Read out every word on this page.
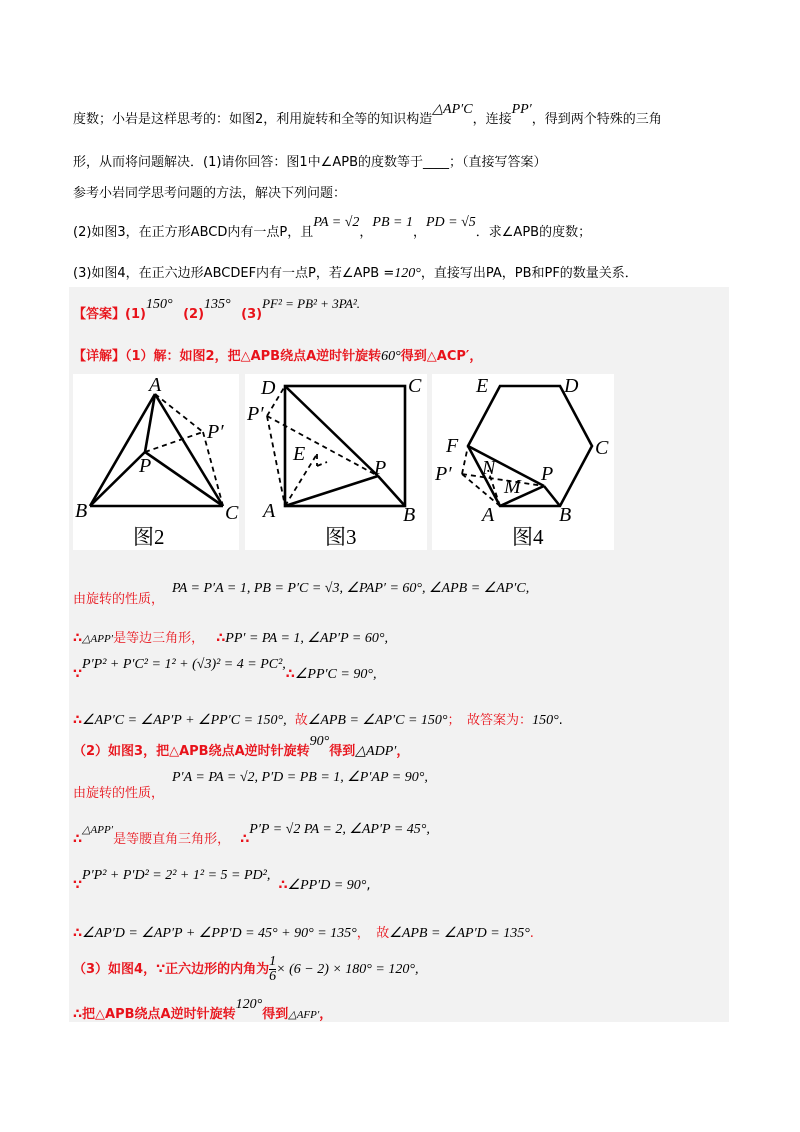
度数；小岩是这样思考的：如图2，利用旋转和全等的知识构造△AP′C，连接PP′，得到两个特殊的三角
形，从而将问题解决．(1)请你回答：图1中∠APB的度数等于____；（直接写答案）
参考小岩同学思考问题的方法，解决下列问题：
(2)如图3，在正方形ABCD内有一点P，且PA = √2，PB = 1，PD = √5．求∠APB的度数；
(3)如图4，在正六边形ABCDEF内有一点P，若∠APB =120°，直接写出PA，PB和PF的数量关系．
【答案】(1)150° (2)135° (3)PF² = PB² + 3PA².
【详解】（1）解：如图2，把△APB绕点A逆时针旋转60°得到△ACP′，
A
B	C
P
P′
图2
D	C
A	B
E
P
P′
图3
E	D
C
F
P′ N
M
P
A	B
图4
PA = P′A = 1, PB = P′C = √3, ∠PAP′ = 60°, ∠APB = ∠AP′C,
由旋转的性质，
∴△APP′是等边三角形， ∴PP′ = PA = 1, ∠AP′P = 60°,
∵P′P² + P′C² = 1² + (√3)² = 4 = PC²,∴∠PP′C = 90°,
∴∠AP′C = ∠AP′P + ∠PP′C = 150°, 故∠APB = ∠AP′C = 150°；　故答案为：150°.
（2）如图3，把△APB绕点A逆时针旋转90°得到△ADP′，
P′A = PA = √2, P′D = PB = 1, ∠P′AP = 90°,
由旋转的性质，
∴$^{\triangle APP'}$是等腰直角三角形， ∴P′P = √2 PA = 2, ∠AP′P = 45°,
∵P′P² + P′D² = 2² + 1² = 5 = PD², ∴∠PP′D = 90°,
∴∠AP′D = ∠AP′P + ∠PP′D = 45° + 90° = 135°，　故∠APB = ∠AP′D = 135°.
（3）如图4，∵正六边形的内角为 $\frac{1}{6} \times (6 - 2) \times 180^\circ = 120^\circ$,
∴把△APB绕点A逆时针旋转120°得到△AFP′，
